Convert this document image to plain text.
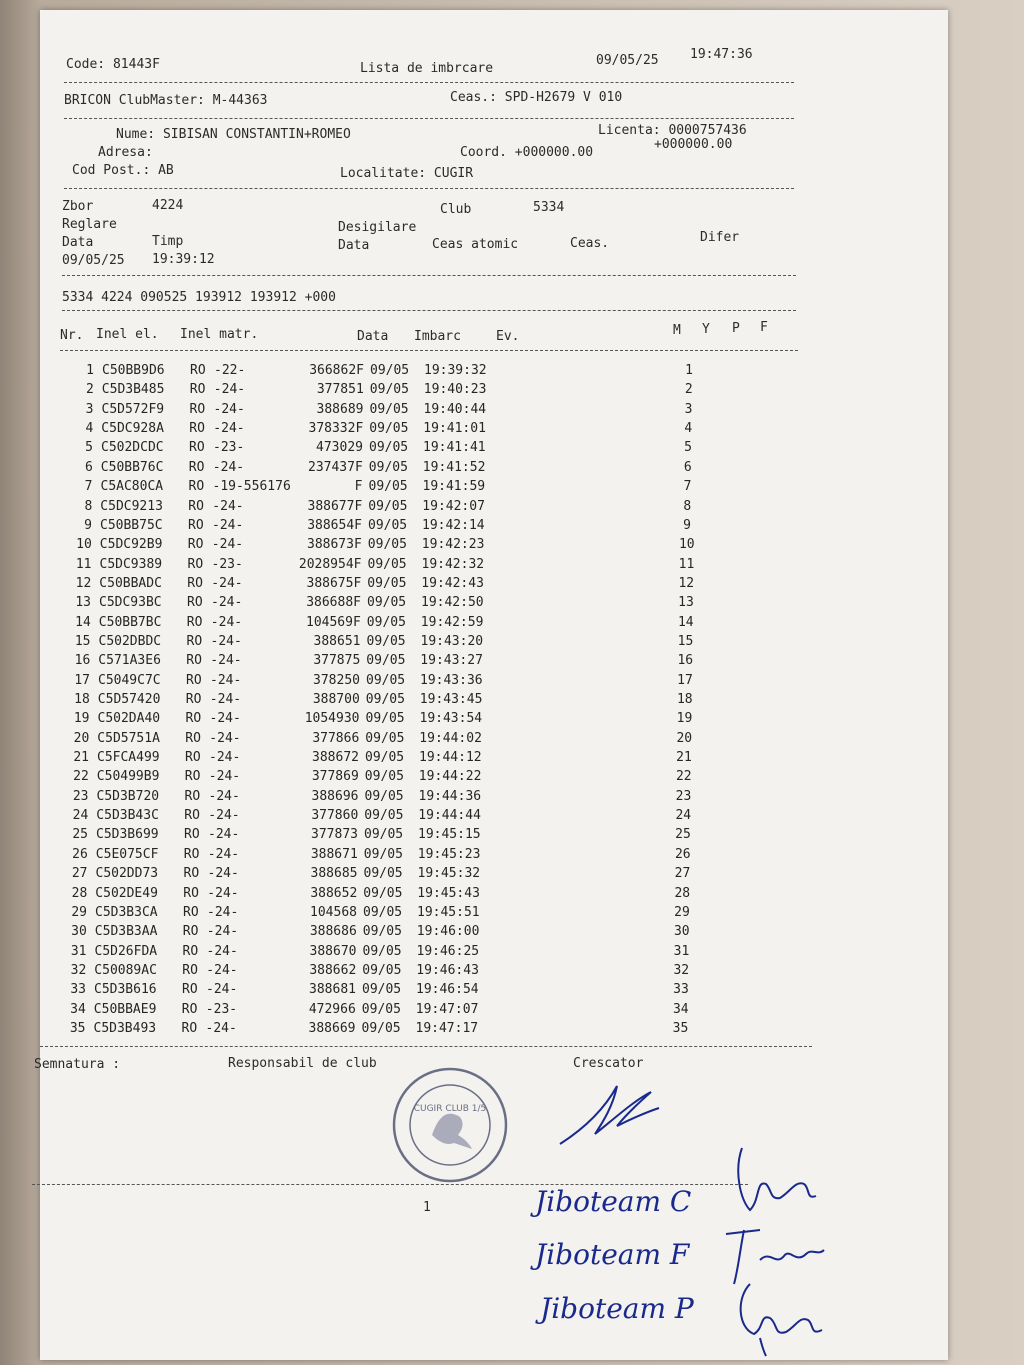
Code: 81443F	Lista de imbrcare
09/05/25 19:47:36
BRICON ClubMaster: M-44363	Ceas.: SPD-H2679 V 010
Nume: SIBISAN CONSTANTIN+ROMEO
Adresa:
Cod Post.: AB
Licenta: 0000757436
Coord. +000000.00
+000000.00
Localitate: CUGIR
Zbor	4224	Club	5334
Reglare	Desigilare
Data	Timp	Data	Ceas atomic	Ceas.	Difer
09/05/25 19:39:12
5334 4224 090525 193912 193912 +000
Nr. Inel el. Inel matr.	Data Imbarc	Ev.	M Y P F
1 C50BB9D6 RO -22-	366862F 09/05 19:39:32	1
2 C5D3B485 RO -24-	377851 09/05 19:40:23	2
3 C5D572F9 RO -24-	388689 09/05 19:40:44	3
4 C5DC928A RO -24-	378332F 09/05 19:41:01	4
5 C502DCDC RO -23-	473029 09/05 19:41:41	5
6 C50BB76C RO -24-	237437F 09/05 19:41:52	6
7 C5AC80CA RO -19-556176	F 09/05 19:41:59	7
8 C5DC9213 RO -24-	388677F 09/05 19:42:07	8
9 C50BB75C RO -24-	388654F 09/05 19:42:14	9
10 C5DC92B9 RO -24-	388673F 09/05 19:42:23	10
11 C5DC9389 RO -23-	2028954F 09/05 19:42:32	11
12 C50BBADC RO -24-	388675F 09/05 19:42:43	12
13 C5DC93BC RO -24-	386688F 09/05 19:42:50	13
14 C50BB7BC RO -24-	104569F 09/05 19:42:59	14
15 C502DBDC RO -24-	388651 09/05 19:43:20	15
16 C571A3E6 RO -24-	377875 09/05 19:43:27	16
17 C5049C7C RO -24-	378250 09/05 19:43:36	17
18 C5D57420 RO -24-	388700 09/05 19:43:45	18
19 C502DA40 RO -24-	1054930 09/05 19:43:54	19
20 C5D5751A RO -24-	377866 09/05 19:44:02	20
21 C5FCA499 RO -24-	388672 09/05 19:44:12	21
22 C50499B9 RO -24-	377869 09/05 19:44:22	22
23 C5D3B720 RO -24-	388696 09/05 19:44:36	23
24 C5D3B43C RO -24-	377860 09/05 19:44:44	24
25 C5D3B699 RO -24-	377873 09/05 19:45:15	25
26 C5E075CF RO -24-	388671 09/05 19:45:23	26
27 C502DD73 RO -24-	388685 09/05 19:45:32	27
28 C502DE49 RO -24-	388652 09/05 19:45:43	28
29 C5D3B3CA RO -24-	104568 09/05 19:45:51	29
30 C5D3B3AA RO -24-	388686 09/05 19:46:00	30
31 C5D26FDA RO -24-	388670 09/05 19:46:25	31
32 C50089AC RO -24-	388662 09/05 19:46:43	32
33 C5D3B616 RO -24-	388681 09/05 19:46:54	33
34 C50BBAE9 RO -23-	472966 09/05 19:47:07	34
35 C5D3B493 RO -24-	388669 09/05 19:47:17	35
Semnatura :	Responsabil de club	Crescator
CUGIR CLUB 1/5
1	Jiboteam C
Jiboteam F
Jiboteam P
